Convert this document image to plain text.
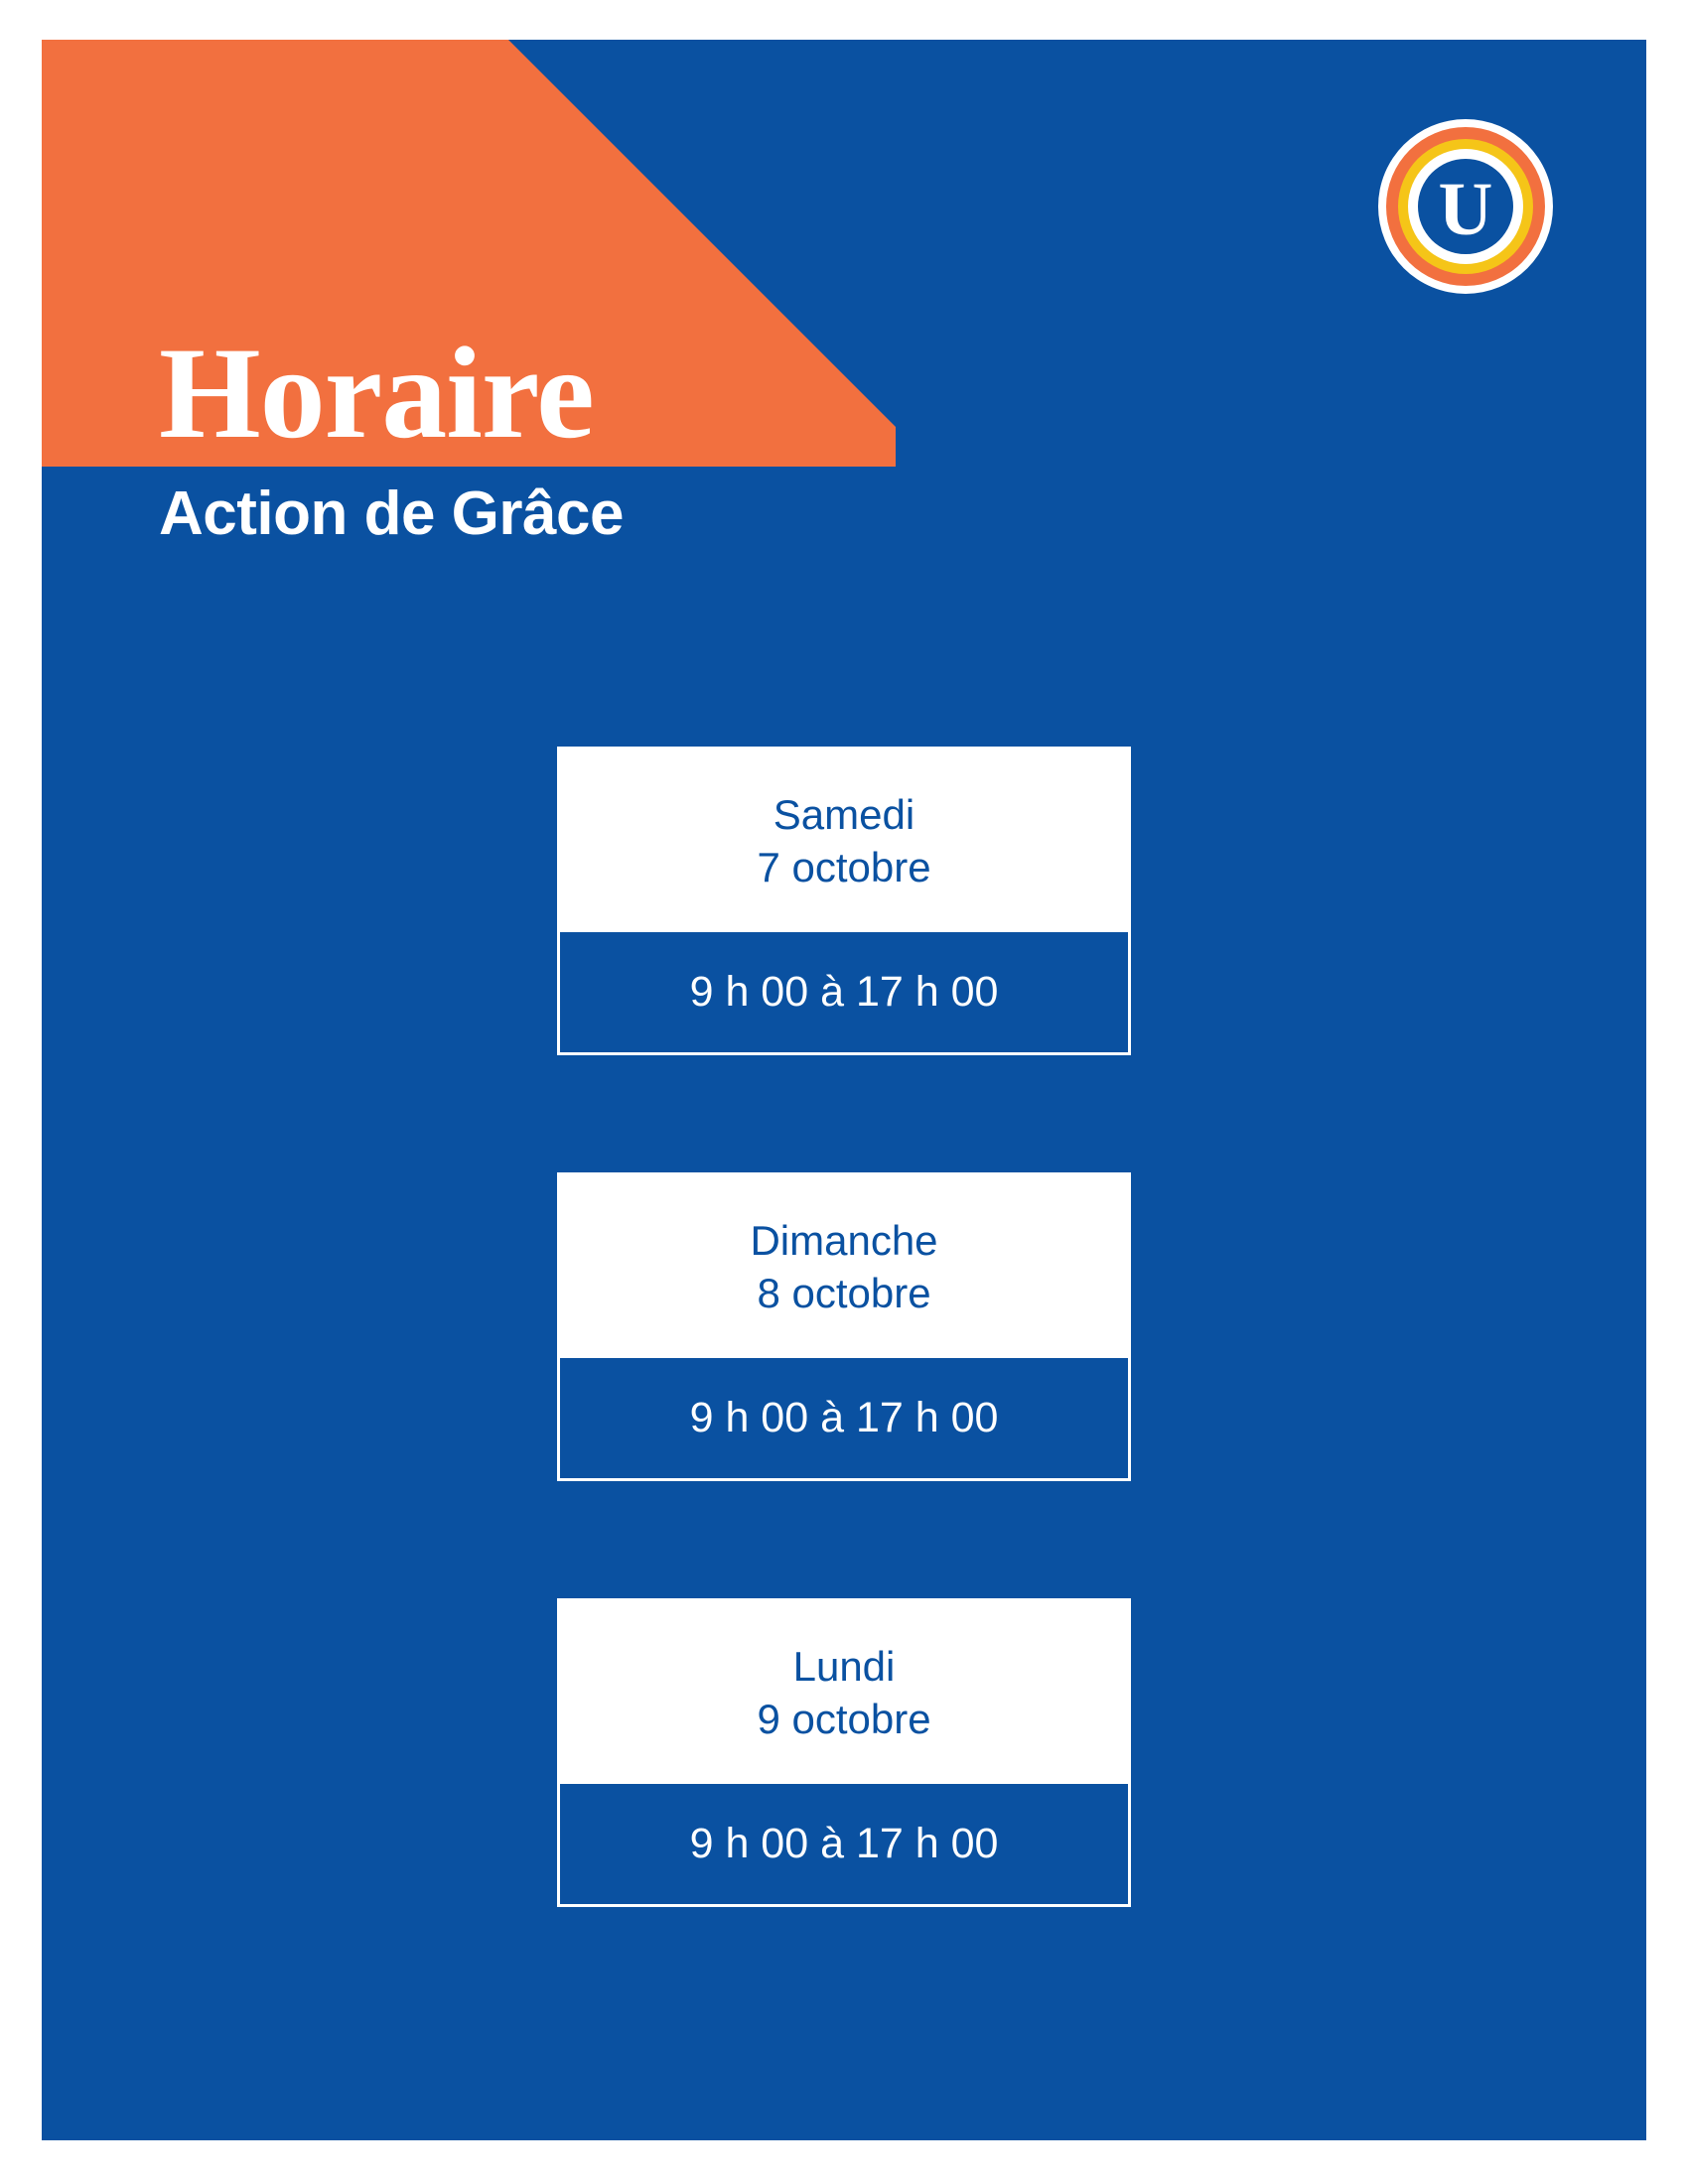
U
Horaire
Action de Grâce
Samedi
7 octobre
9 h 00 à 17 h 00
Dimanche
8 octobre
9 h 00 à 17 h 00
Lundi
9 octobre
9 h 00 à 17 h 00
